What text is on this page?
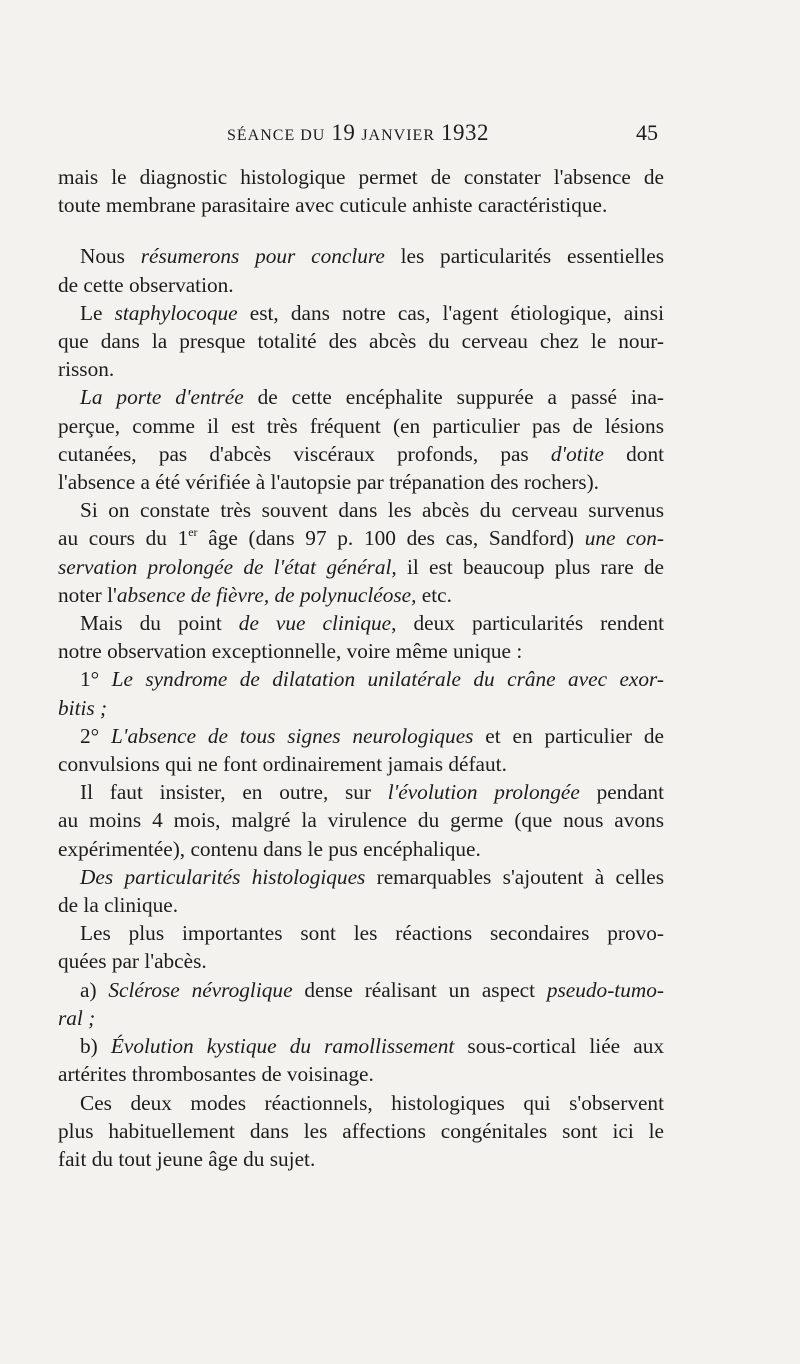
SÉANCE DU 19 JANVIER 1932	45
mais le diagnostic histologique permet de constater l'absence de
toute membrane parasitaire avec cuticule anhiste caractéristique.
Nous résumerons pour conclure les particularités essentielles
de cette observation.
Le staphylocoque est, dans notre cas, l'agent étiologique, ainsi
que dans la presque totalité des abcès du cerveau chez le nour-
risson.
La porte d'entrée de cette encéphalite suppurée a passé ina-
perçue, comme il est très fréquent (en particulier pas de lésions
cutanées, pas d'abcès viscéraux profonds, pas d'otite dont
l'absence a été vérifiée à l'autopsie par trépanation des rochers).
Si on constate très souvent dans les abcès du cerveau survenus
au cours du 1er âge (dans 97 p. 100 des cas, Sandford) une con-
servation prolongée de l'état général, il est beaucoup plus rare de
noter l'absence de fièvre, de polynucléose, etc.
Mais du point de vue clinique, deux particularités rendent
notre observation exceptionnelle, voire même unique :
1° Le syndrome de dilatation unilatérale du crâne avec exor-
bitis ;
2° L'absence de tous signes neurologiques et en particulier de
convulsions qui ne font ordinairement jamais défaut.
Il faut insister, en outre, sur l'évolution prolongée pendant
au moins 4 mois, malgré la virulence du germe (que nous avons
expérimentée), contenu dans le pus encéphalique.
Des particularités histologiques remarquables s'ajoutent à celles
de la clinique.
Les plus importantes sont les réactions secondaires provo-
quées par l'abcès.
a) Sclérose névroglique dense réalisant un aspect pseudo-tumo-
ral ;
b) Évolution kystique du ramollissement sous-cortical liée aux
artérites thrombosantes de voisinage.
Ces deux modes réactionnels, histologiques qui s'observent
plus habituellement dans les affections congénitales sont ici le
fait du tout jeune âge du sujet.
